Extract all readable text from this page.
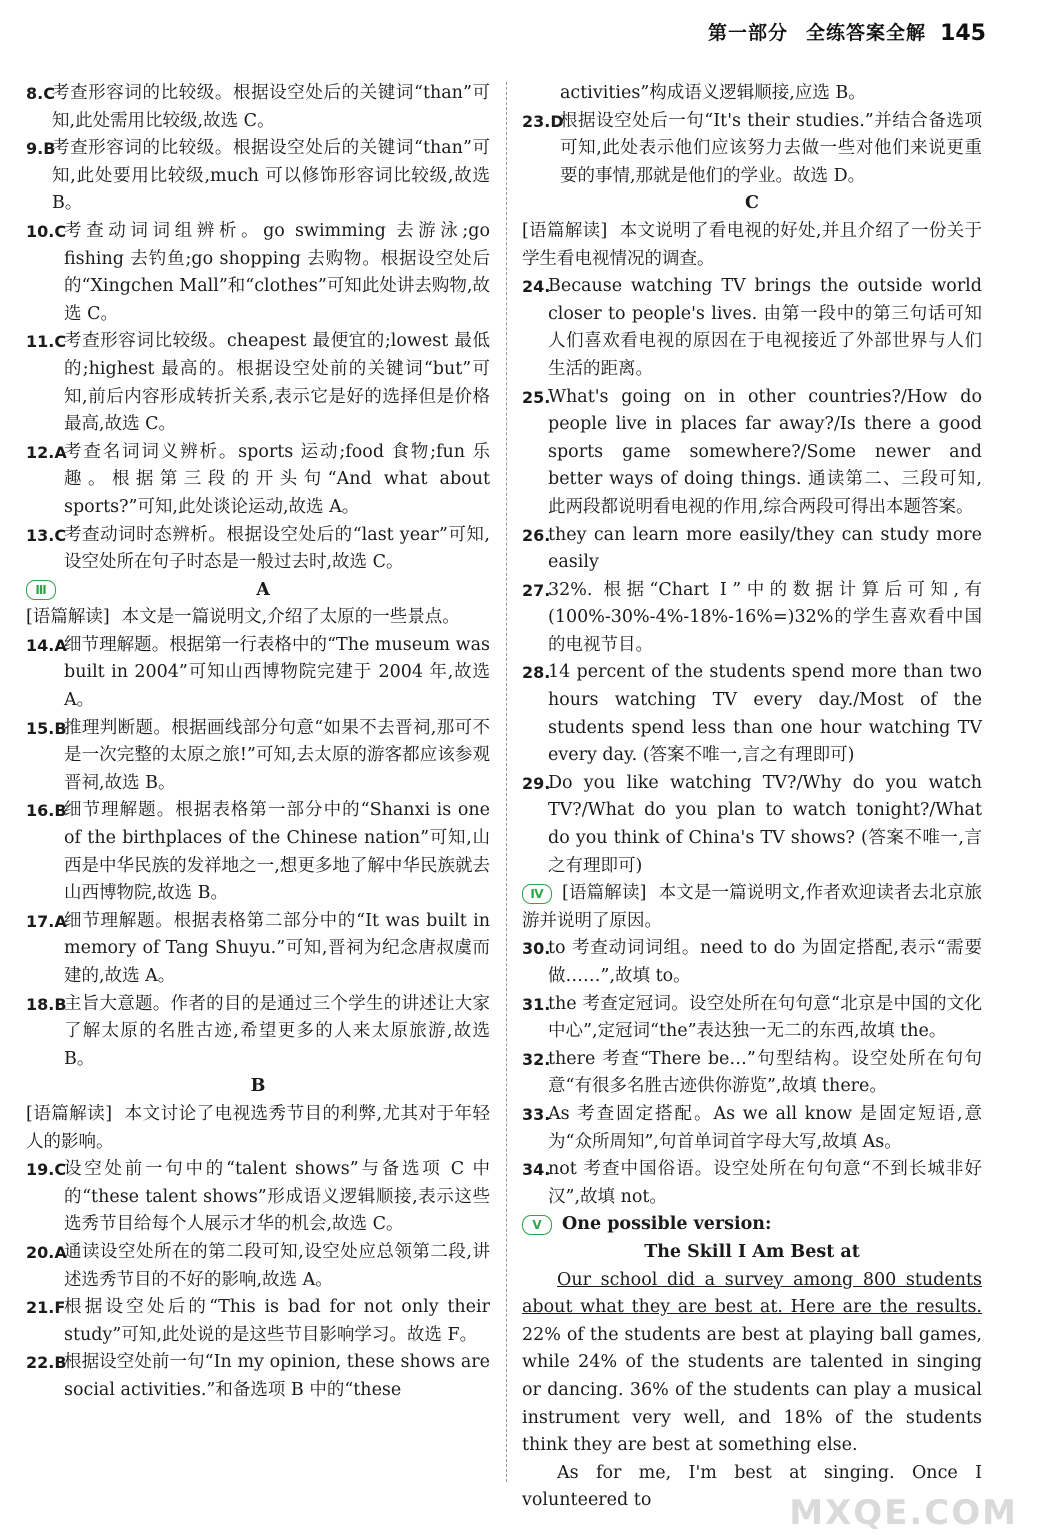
第一部分 全练答案全解 145

8.C
考查形容词的比较级。根据设空处后的关键词“than”可知,此处需用比较级,故选 C。

9.B
考查形容词的比较级。根据设空处后的关键词“than”可知,此处要用比较级,much 可以修饰形容词比较级,故选 B。

10.C
考查动词词组辨析。go swimming 去游泳;go fishing 去钓鱼;go shopping 去购物。根据设空处后的“Xingchen Mall”和“clothes”可知此处讲去购物,故选 C。

11.C
考查形容词比较级。cheapest 最便宜的;lowest 最低的;highest 最高的。根据设空处前的关键词“but”可知,前后内容形成转折关系,表示它是好的选择但是价格最高,故选 C。

12.A
考查名词词义辨析。sports 运动;food 食物;fun 乐趣。根据第三段的开头句“And what about sports?”可知,此处谈论运动,故选 A。

13.C
考查动词时态辨析。根据设空处后的“last year”可知,设空处所在句子时态是一般过去时,故选 C。

Ⅲ	A

[语篇解读] 本文是一篇说明文,介绍了太原的一些景点。

14.A
细节理解题。根据第一行表格中的“The museum was built in 2004”可知山西博物院完建于 2004 年,故选 A。

15.B
推理判断题。根据画线部分句意“如果不去晋祠,那可不是一次完整的太原之旅!”可知,去太原的游客都应该参观晋祠,故选 B。

16.B
细节理解题。根据表格第一部分中的“Shanxi is one of the birthplaces of the Chinese nation”可知,山西是中华民族的发祥地之一,想更多地了解中华民族就去山西博物院,故选 B。

17.A
细节理解题。根据表格第二部分中的“It was built in memory of Tang Shuyu.”可知,晋祠为纪念唐叔虞而建的,故选 A。

18.B
主旨大意题。作者的目的是通过三个学生的讲述让大家了解太原的名胜古迹,希望更多的人来太原旅游,故选 B。

B

[语篇解读] 本文讨论了电视选秀节目的利弊,尤其对于年轻人的影响。

19.C
设空处前一句中的“talent shows”与备选项 C 中的“these talent shows”形成语义逻辑顺接,表示这些选秀节目给每个人展示才华的机会,故选 C。

20.A
通读设空处所在的第二段可知,设空处应总领第二段,讲述选秀节目的不好的影响,故选 A。

21.F
根据设空处后的“This is bad for not only their study”可知,此处说的是这些节目影响学习。故选 F。

22.B
根据设空处前一句“In my opinion, these shows are social activities.”和备选项 B 中的“these

activities”构成语义逻辑顺接,应选 B。

23.D
根据设空处后一句“It's their studies.”并结合备选项可知,此处表示他们应该努力去做一些对他们来说更重要的事情,那就是他们的学业。故选 D。

C

[语篇解读] 本文说明了看电视的好处,并且介绍了一份关于学生看电视情况的调查。

24.
Because watching TV brings the outside world closer to people's lives. 由第一段中的第三句话可知人们喜欢看电视的原因在于电视接近了外部世界与人们生活的距离。

25.
What's going on in other countries?/How do people live in places far away?/Is there a good sports game somewhere?/Some newer and better ways of doing things. 通读第二、三段可知,此两段都说明看电视的作用,综合两段可得出本题答案。

26.
they can learn more easily/they can study more easily

27.
32%. 根据“Chart Ⅰ”中的数据计算后可知,有(100%-30%-4%-18%-16%=)32%的学生喜欢看中国的电视节目。

28.
14 percent of the students spend more than two hours watching TV every day./Most of the students spend less than one hour watching TV every day. (答案不唯一,言之有理即可)

29.
Do you like watching TV?/Why do you watch TV?/What do you plan to watch tonight?/What do you think of China's TV shows? (答案不唯一,言之有理即可)

Ⅳ [语篇解读] 本文是一篇说明文,作者欢迎读者去北京旅游并说明了原因。

30.
to 考查动词词组。need to do 为固定搭配,表示“需要做……”,故填 to。

31.
the 考查定冠词。设空处所在句句意“北京是中国的文化中心”,定冠词“the”表达独一无二的东西,故填 the。

32.
there 考查“There be…”句型结构。设空处所在句句意“有很多名胜古迹供你游览”,故填 there。

33.
As 考查固定搭配。As we all know 是固定短语,意为“众所周知”,句首单词首字母大写,故填 As。

34.
not 考查中国俗语。设空处所在句句意“不到长城非好汉”,故填 not。

Ⅴ	One possible version:

The Skill I Am Best at

Our school did a survey among 800 students about what they are best at. Here are the results. 22% of the students are best at playing ball games, while 24% of the students are talented in singing or dancing. 36% of the students can play a musical instrument very well, and 18% of the students think they are best at something else.

As for me, I'm best at singing. Once I volunteered to	MXQE.COM
